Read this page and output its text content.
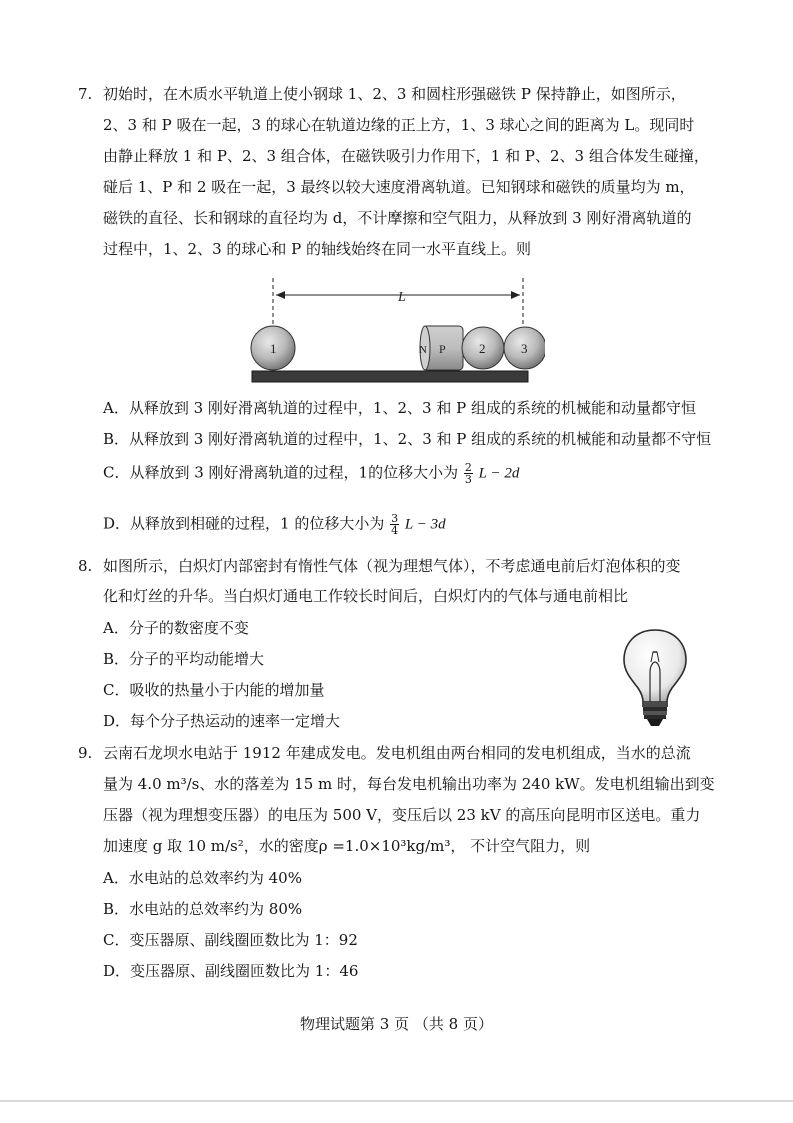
7. 初始时，在木质水平轨道上使小钢球 1、2、3 和圆柱形强磁铁 P 保持静止，如图所示，
2、3 和 P 吸在一起，3 的球心在轨道边缘的正上方，1、3 球心之间的距离为 L。现同时
由静止释放 1 和 P、2、3 组合体，在磁铁吸引力作用下，1 和 P、2、3 组合体发生碰撞，
碰后 1、P 和 2 吸在一起，3 最终以较大速度滑离轨道。已知钢球和磁铁的质量均为 m，
磁铁的直径、长和钢球的直径均为 d，不计摩擦和空气阻力，从释放到 3 刚好滑离轨道的
过程中，1、2、3 的球心和 P 的轴线始终在同一水平直线上。则
L
1	N P	2	3
A．从释放到 3 刚好滑离轨道的过程中，1、2、3 和 P 组成的系统的机械能和动量都守恒
B．从释放到 3 刚好滑离轨道的过程中，1、2、3 和 P 组成的系统的机械能和动量都不守恒
C．从释放到 3 刚好滑离轨道的过程，1的位移大小为 $\frac{2}{3}$ L − 2d
D．从释放到相碰的过程，1 的位移大小为 $\frac{3}{4}$ L − 3d
8. 如图所示，白炽灯内部密封有惰性气体（视为理想气体），不考虑通电前后灯泡体积的变
化和灯丝的升华。当白炽灯通电工作较长时间后，白炽灯内的气体与通电前相比
A．分子的数密度不变
B．分子的平均动能增大
C．吸收的热量小于内能的增加量
D．每个分子热运动的速率一定增大
9. 云南石龙坝水电站于 1912 年建成发电。发电机组由两台相同的发电机组成，当水的总流
量为 4.0 m³/s、水的落差为 15 m 时，每台发电机输出功率为 240 kW。发电机组输出到变
压器（视为理想变压器）的电压为 500 V，变压后以 23 kV 的高压向昆明市区送电。重力
加速度 g 取 10 m/s²，水的密度ρ =1.0×10³kg/m³， 不计空气阻力，则
A．水电站的总效率约为 40%
B．水电站的总效率约为 80%
C．变压器原、副线圈匝数比为 1：92
D．变压器原、副线圈匝数比为 1：46
物理试题第 3 页 （共 8 页）
